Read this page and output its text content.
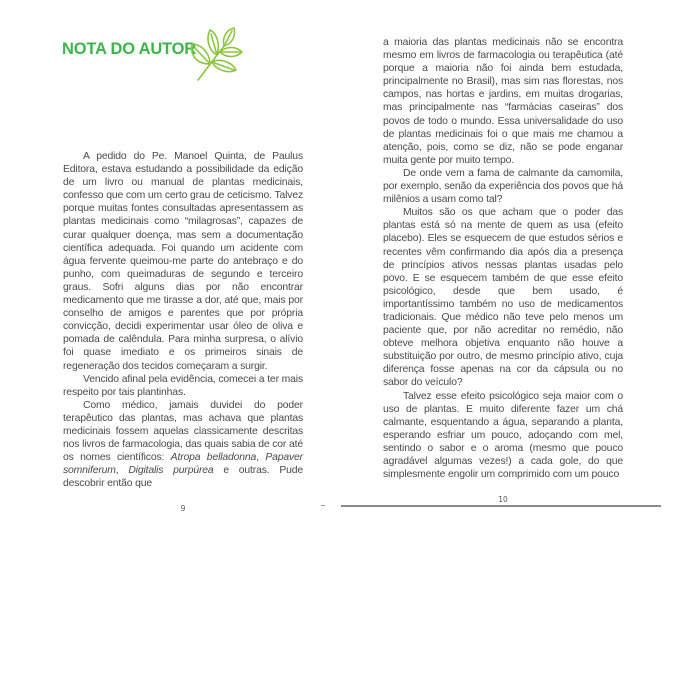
NOTA DO AUTOR

A pedido do Pe. Manoel Quinta, de Paulus Editora, estava estudando a possibilidade da edição de um livro ou manual de plantas medicinais, confesso que com um certo grau de ceticismo. Talvez porque muitas fontes consultadas apresentassem as plantas medicinais como “milagrosas”, capazes de curar qualquer doença, mas sem a documentação científica adequada. Foi quando um acidente com água fervente queimou-me parte do antebraço e do punho, com queimaduras de segundo e terceiro graus. Sofri alguns dias por não encontrar medicamento que me tirasse a dor, até que, mais por conselho de amigos e parentes que por própria convicção, decidi experimentar usar óleo de oliva e pomada de calêndula. Para minha surpresa, o alívio foi quase imediato e os primeiros sinais de regeneração dos tecidos começaram a surgir.

Vencido afinal pela evidência, comecei a ter mais respeito por tais plantinhas.

Como médico, jamais duvidei do poder terapêutico das plantas, mas achava que plantas medicinais fossem aquelas classicamente descritas nos livros de farmacologia, das quais sabia de cor até os nomes científicos: Atropa belladonna, Papaver somniferum, Digitalis purpúrea e outras. Pude descobrir então que

9

a maioria das plantas medicinais não se encontra mesmo em livros de farmacologia ou terapêutica (até porque a maioria não foi ainda bem estudada, principalmente no Brasil), mas sim nas florestas, nos campos, nas hortas e jardins, em muitas drogarias, mas principalmente nas “farmácias caseiras” dos povos de todo o mundo. Essa universalidade do uso de plantas medicinais foi o que mais me chamou a atenção, pois, como se diz, não se pode enganar muita gente por muito tempo.

De onde vem a fama de calmante da camomila, por exemplo, senão da experiência dos povos que há milênios a usam como tal?

Muitos são os que acham que o poder das plantas está só na mente de quem as usa (efeito placebo). Eles se esquecem de que estudos sérios e recentes vêm confirmando dia após dia a presença de princípios ativos nessas plantas usadas pelo povo. E se esquecem também de que esse efeito psicológico, desde que bem usado, é importantíssimo também no uso de medicamentos tradicionais. Que médico não teve pelo menos um paciente que, por não acreditar no remédio, não obteve melhora objetiva enquanto não houve a substituição por outro, de mesmo princípio ativo, cuja diferença fosse apenas na cor da cápsula ou no sabor do veículo?

Talvez esse efeito psicológico seja maior com o uso de plantas. E muito diferente fazer um chá calmante, esquentando a água, separando a planta, esperando esfriar um pouco, adoçando com mel, sentindo o sabor e o aroma (mesmo que pouco agradável algumas vezes!) a cada gole, do que simplesmente engolir um comprimido com um pouco

10
